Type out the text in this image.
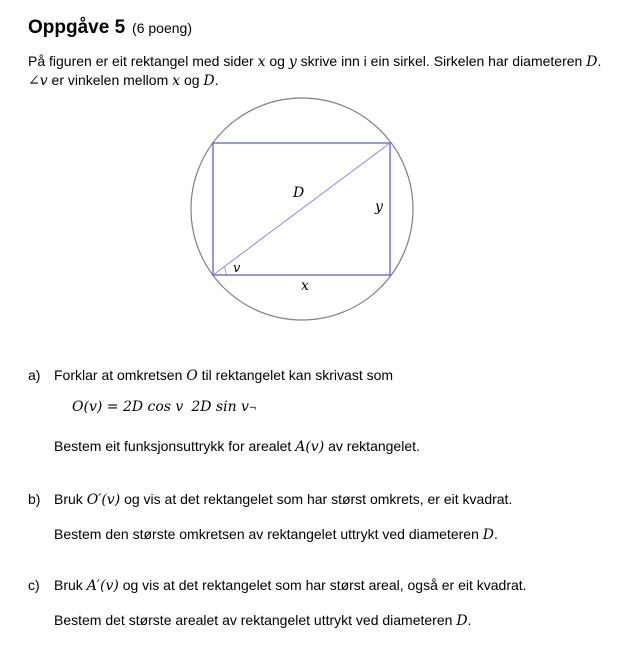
Oppgåve 5 (6 poeng)
På figuren er eit rektangel med sider x og y skrive inn i ein sirkel. Sirkelen har diameteren D.
∠v er vinkelen mellom x og D.
D
y
x
v
a) Forklar at omkretsen O til rektangelet kan skrivast som
O(v) = 2D cos v 2D sin v¬
Bestem eit funksjonsuttrykk for arealet A(v) av rektangelet.
b) Bruk O′(v) og vis at det rektangelet som har størst omkrets, er eit kvadrat.
Bestem den største omkretsen av rektangelet uttrykt ved diameteren D.
c) Bruk A′(v) og vis at det rektangelet som har størst areal, også er eit kvadrat.
Bestem det største arealet av rektangelet uttrykt ved diameteren D.
